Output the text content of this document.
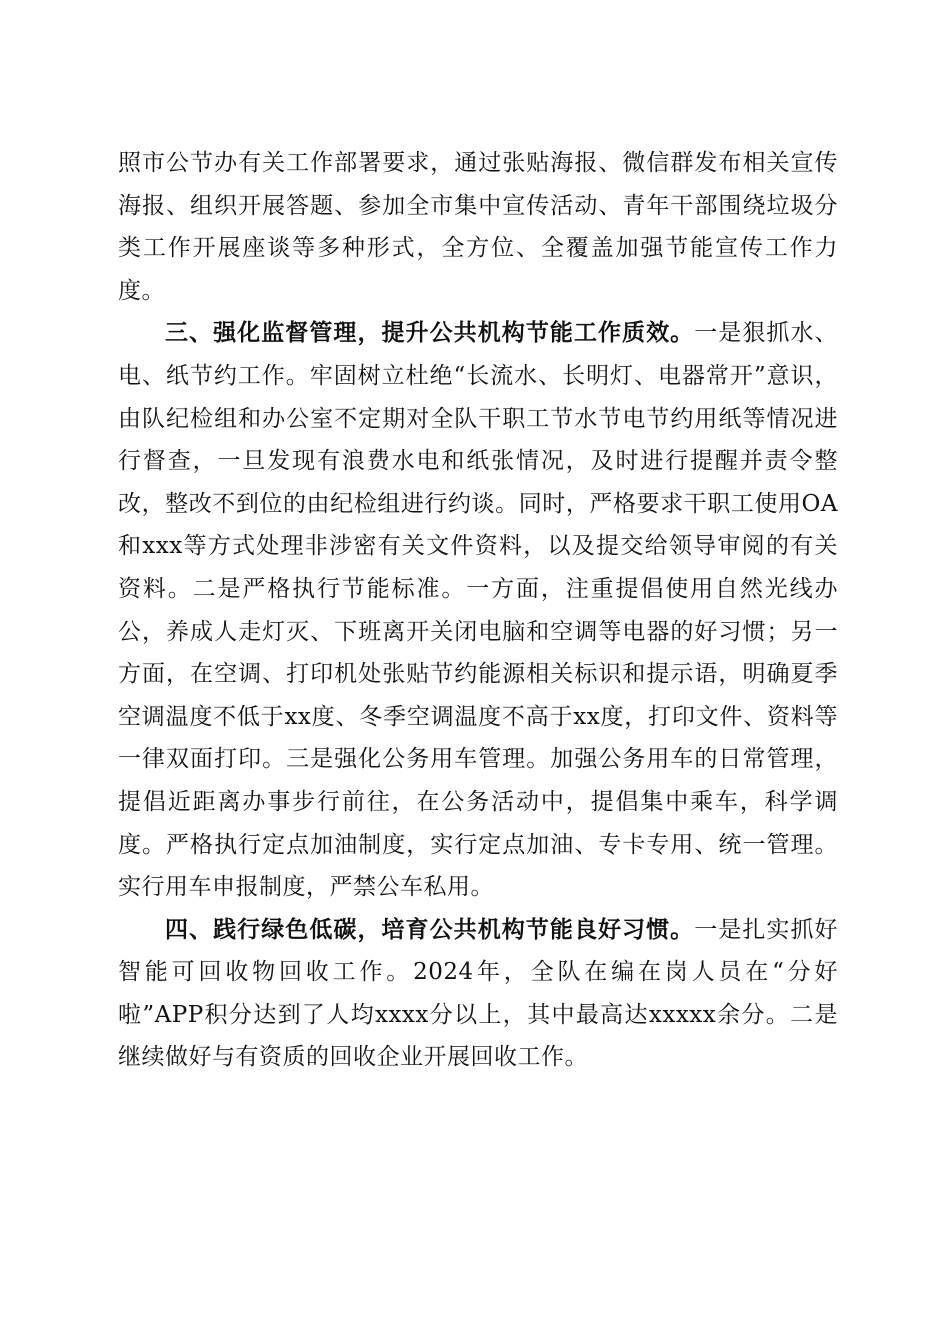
照市公节办有关工作部署要求，通过张贴海报、微信群发布相关宣传海报、组织开展答题、参加全市集中宣传活动、青年干部围绕垃圾分类工作开展座谈等多种形式，全方位、全覆盖加强节能宣传工作力度。

三、强化监督管理，提升公共机构节能工作质效。一是狠抓水、电、纸节约工作。牢固树立杜绝“长流水、长明灯、电器常开”意识，由队纪检组和办公室不定期对全队干职工节水节电节约用纸等情况进行督查，一旦发现有浪费水电和纸张情况，及时进行提醒并责令整改，整改不到位的由纪检组进行约谈。同时，严格要求干职工使用OA和xxx等方式处理非涉密有关文件资料，以及提交给领导审阅的有关资料。二是严格执行节能标准。一方面，注重提倡使用自然光线办公，养成人走灯灭、下班离开关闭电脑和空调等电器的好习惯；另一方面，在空调、打印机处张贴节约能源相关标识和提示语，明确夏季空调温度不低于xx度、冬季空调温度不高于xx度，打印文件、资料等一律双面打印。三是强化公务用车管理。加强公务用车的日常管理，提倡近距离办事步行前往，在公务活动中，提倡集中乘车，科学调度。严格执行定点加油制度，实行定点加油、专卡专用、统一管理。实行用车申报制度，严禁公车私用。

四、践行绿色低碳，培育公共机构节能良好习惯。一是扎实抓好智能可回收物回收工作。2024年，全队在编在岗人员在“分好啦”APP积分达到了人均xxxx分以上，其中最高达xxxxx余分。二是继续做好与有资质的回收企业开展回收工作。
